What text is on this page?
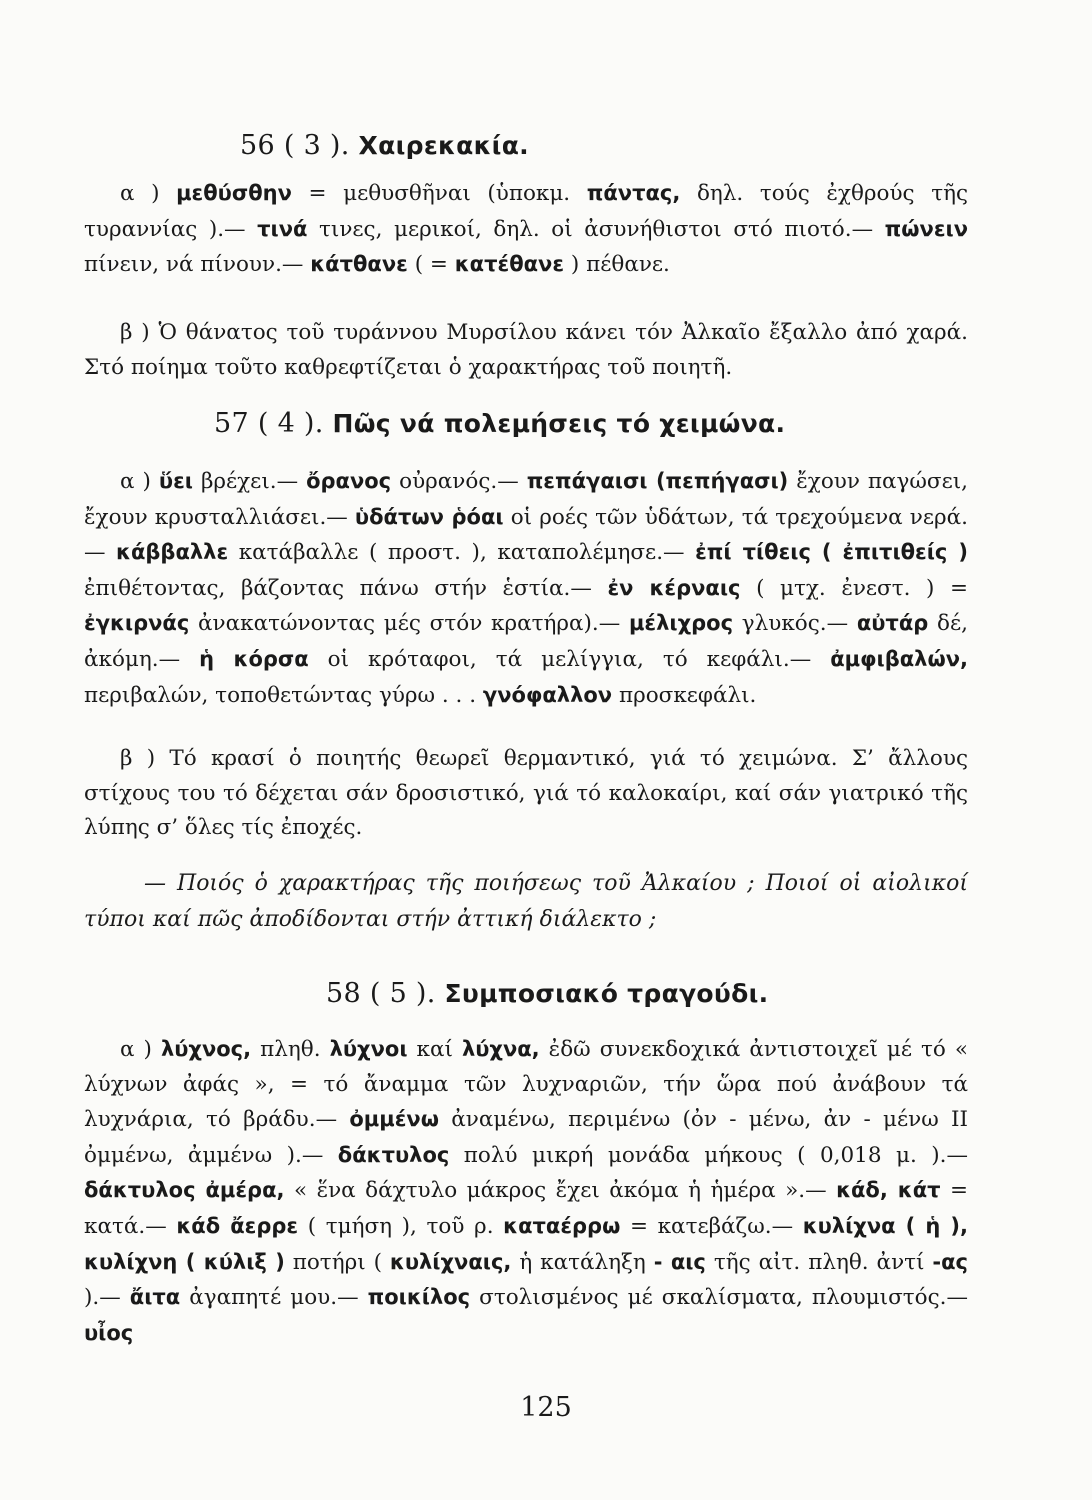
56 ( 3 ). Χαιρεκακία.
α ) μεθύσθην = μεθυσθῆναι (ὑποκμ. πάντας, δηλ. τούς ἐχθρούς τῆς τυραννίας ).— τινά τινες, μερικοί, δηλ. οἱ ἀσυνήθιστοι στό πιοτό.— πώνειν πίνειν, νά πίνουν.— κάτθανε ( = κατέθανε ) πέθανε.
β ) Ὁ θάνατος τοῦ τυράννου Μυρσίλου κάνει τόν Ἀλκαῖο ἔξαλλο ἀπό χαρά. Στό ποίημα τοῦτο καθρεφτίζεται ὁ χαρακτήρας τοῦ ποιητῆ.
57 ( 4 ). Πῶς νά πολεμήσεις τό χειμώνα.
α ) ὕει βρέχει.— ὄρανος οὐρανός.— πεπάγαισι (πεπήγασι) ἔχουν παγώσει, ἔχουν κρυσταλλιάσει.— ὑδάτων ῥόαι οἱ ροές τῶν ὑδάτων, τά τρεχούμενα νερά.— κάββαλλε κατάβαλλε ( προστ. ), καταπολέμησε.— ἐπί τίθεις ( ἐπιτιθείς ) ἐπιθέτοντας, βάζοντας πάνω στήν ἑστία.— ἐν κέρναις ( μτχ. ἐνεστ. ) = ἐγκιρνάς ἀνακατώνοντας μές στόν κρατήρα).— μέλιχρος γλυκός.— αὐτάρ δέ, ἀκόμη.— ἡ κόρσα οἱ κρόταφοι, τά μελίγγια, τό κεφάλι.— ἀμφιβαλών, περιβαλών, τοποθετώντας γύρω . . . γνόφαλλον προσκεφάλι.
β ) Τό κρασί ὁ ποιητής θεωρεῖ θερμαντικό, γιά τό χειμώνα. Σ’ ἄλλους στίχους του τό δέχεται σάν δροσιστικό, γιά τό καλοκαίρι, καί σάν γιατρικό τῆς λύπης σ’ ὅλες τίς ἐποχές.
— Ποιός ὁ χαρακτήρας τῆς ποιήσεως τοῦ Ἀλκαίου ; Ποιοί οἱ αἰολικοί τύποι καί πῶς ἀποδίδονται στήν ἀττική διάλεκτο ;
58 ( 5 ). Συμποσιακό τραγούδι.
α ) λύχνος, πληθ. λύχνοι καί λύχνα, ἐδῶ συνεκδοχικά ἀντιστοιχεῖ μέ τό « λύχνων ἀφάς », = τό ἄναμμα τῶν λυχναριῶν, τήν ὥρα πού ἀνάβουν τά λυχνάρια, τό βράδυ.— ὀμμένω ἀναμένω, περιμένω (ὀν - μένω, ἀν - μένω ΙΙ ὀμμένω, ἀμμένω ).— δάκτυλος πολύ μικρή μονάδα μήκους ( 0,018 μ. ).— δάκτυλος ἀμέρα, « ἕνα δάχτυλο μάκρος ἔχει ἀκόμα ἡ ἡμέρα ».— κάδ, κάτ = κατά.— κάδ ἄερρε ( τμήση ), τοῦ ρ. καταέρρω = κατεβάζω.— κυλίχνα ( ἡ ), κυλίχνη ( κύλιξ ) ποτήρι ( κυλίχναις, ἡ κατάληξη - αις τῆς αἰτ. πληθ. ἀντί -ας ).— ἄιτα ἀγαπητέ μου.— ποικίλος στολισμένος μέ σκαλίσματα, πλουμιστός.— υἶος
125
